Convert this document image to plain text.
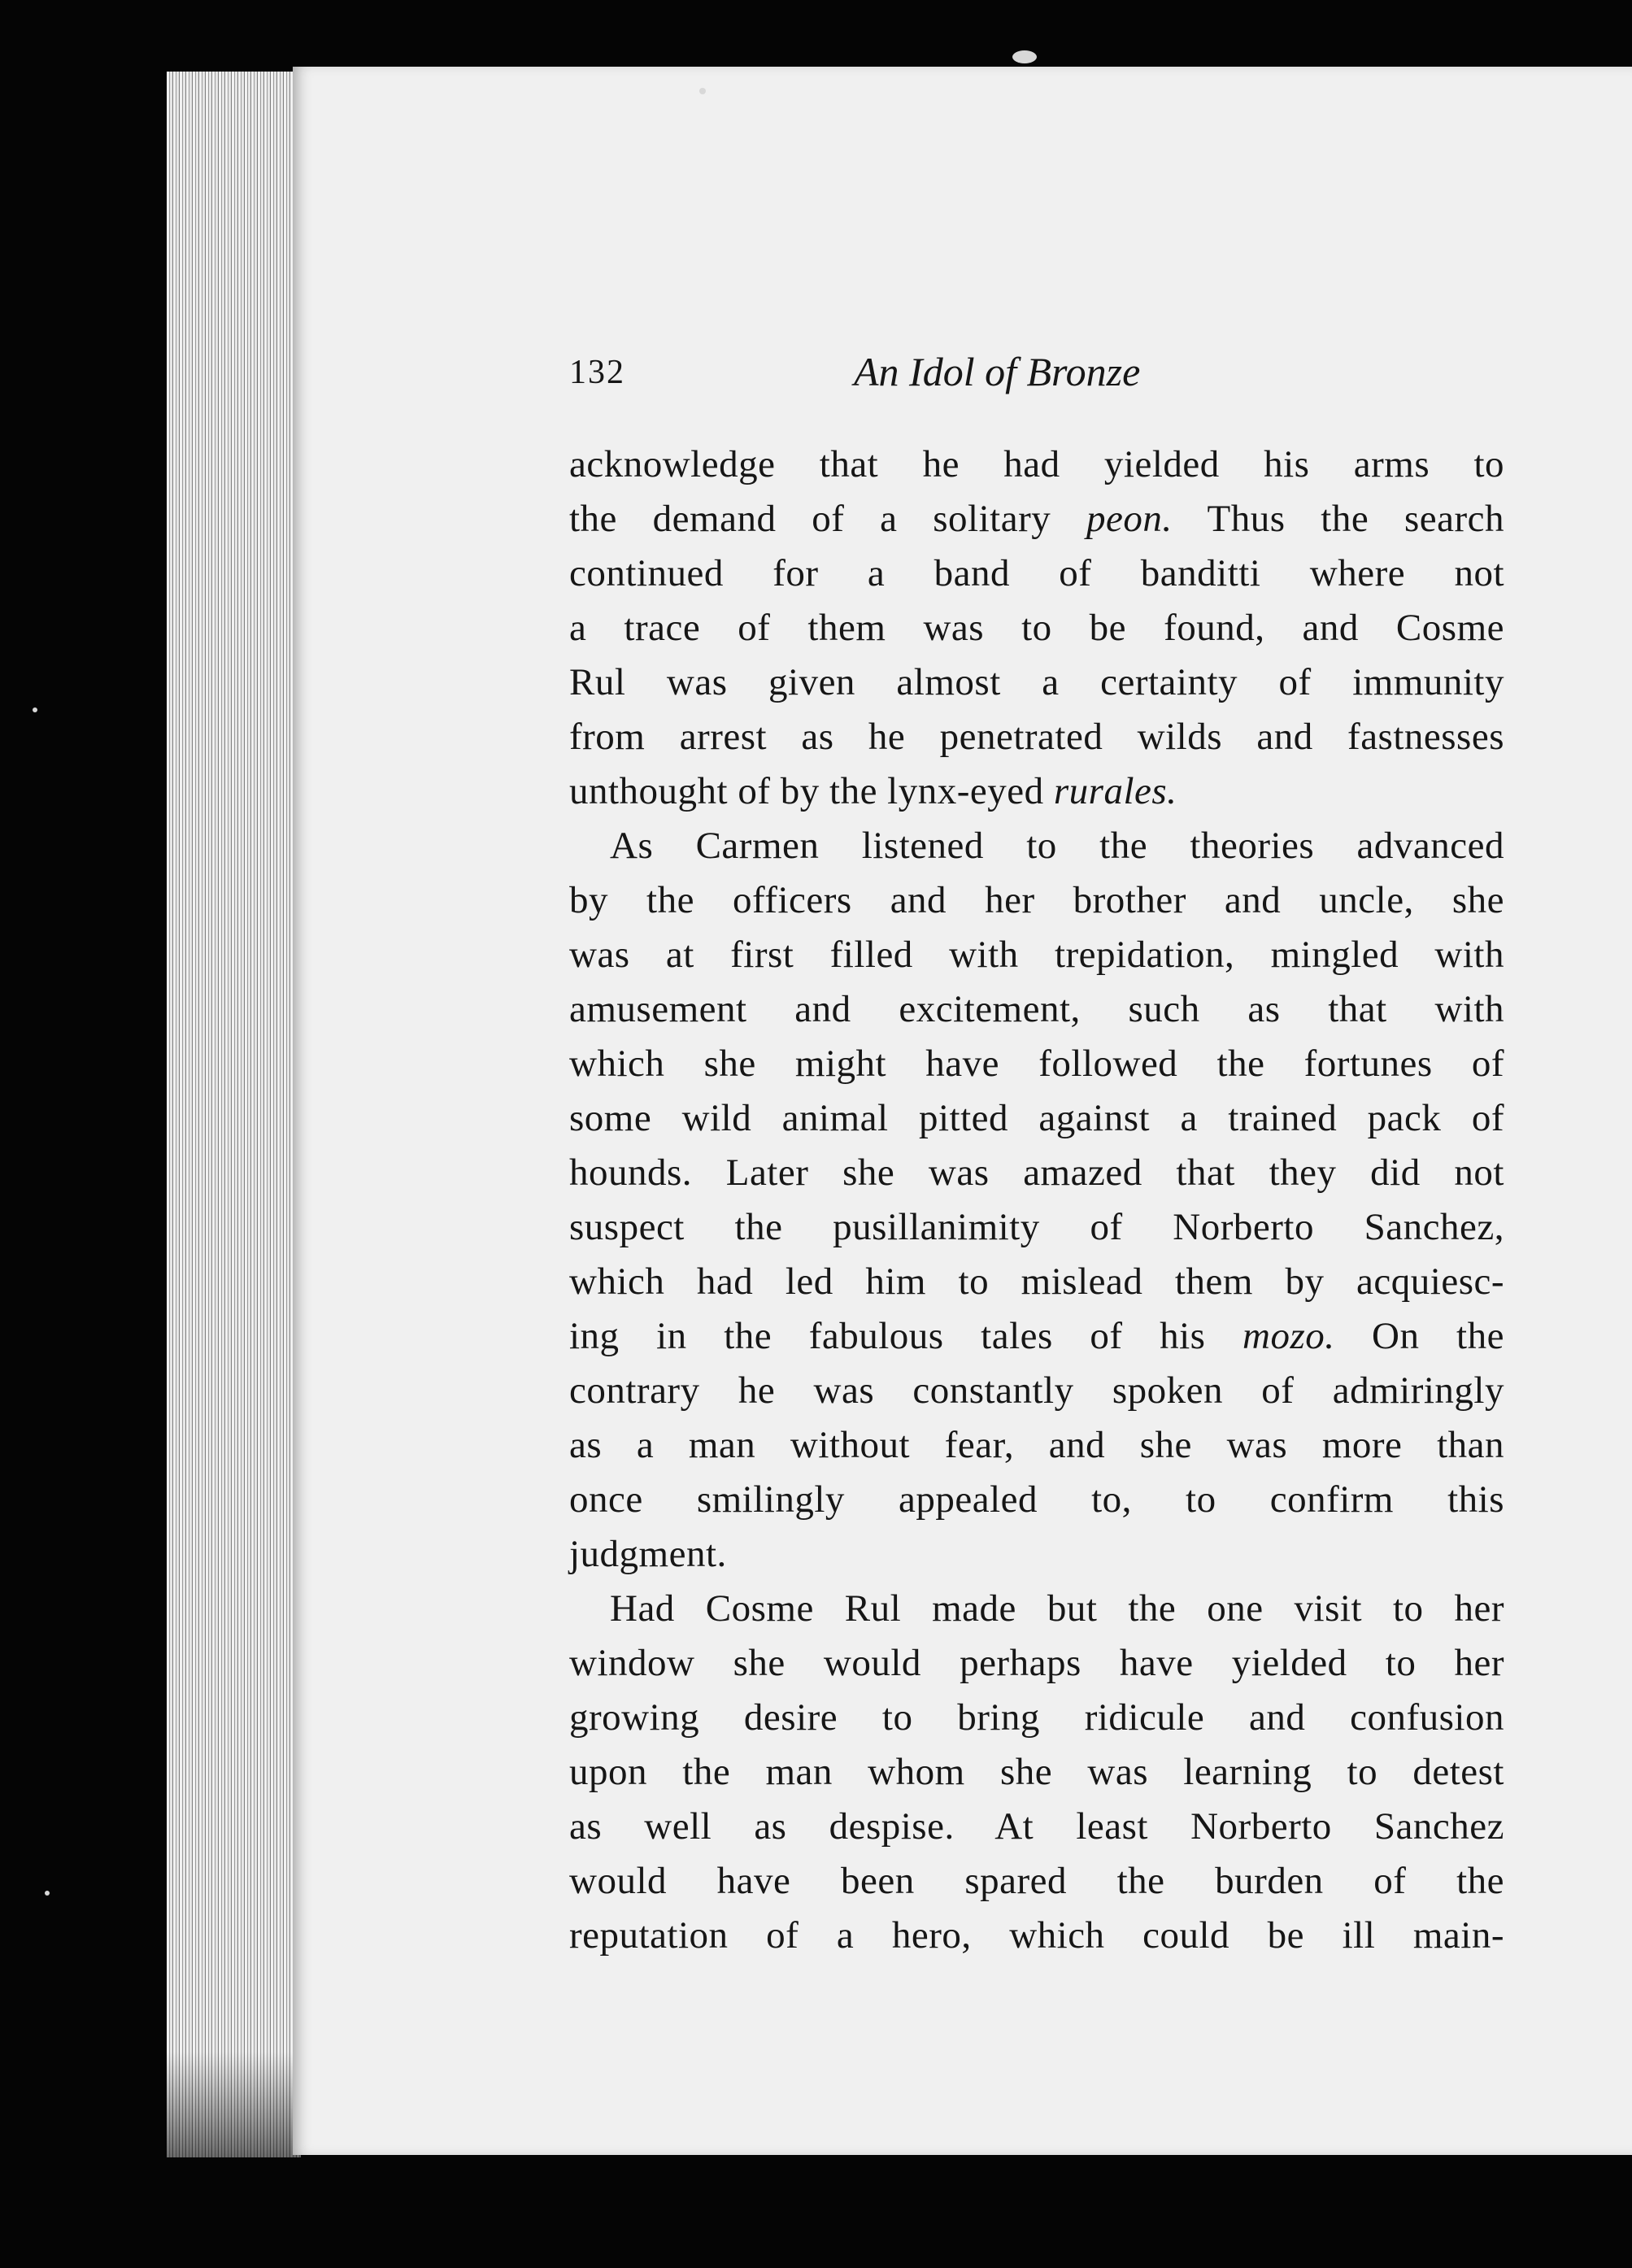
132	An Idol of Bronze
acknowledge that he had yielded his arms to
the demand of a solitary peon. Thus the search
continued for a band of banditti where not
a trace of them was to be found, and Cosme
Rul was given almost a certainty of immunity
from arrest as he penetrated wilds and fastnesses
unthought of by the lynx-eyed rurales.
As Carmen listened to the theories advanced
by the officers and her brother and uncle, she
was at first filled with trepidation, mingled with
amusement and excitement, such as that with
which she might have followed the fortunes of
some wild animal pitted against a trained pack of
hounds. Later she was amazed that they did not
suspect the pusillanimity of Norberto Sanchez,
which had led him to mislead them by acquiesc-
ing in the fabulous tales of his mozo. On the
contrary he was constantly spoken of admiringly
as a man without fear, and she was more than
once smilingly appealed to, to confirm this
judgment.
Had Cosme Rul made but the one visit to her
window she would perhaps have yielded to her
growing desire to bring ridicule and confusion
upon the man whom she was learning to detest
as well as despise. At least Norberto Sanchez
would have been spared the burden of the
reputation of a hero, which could be ill main-
